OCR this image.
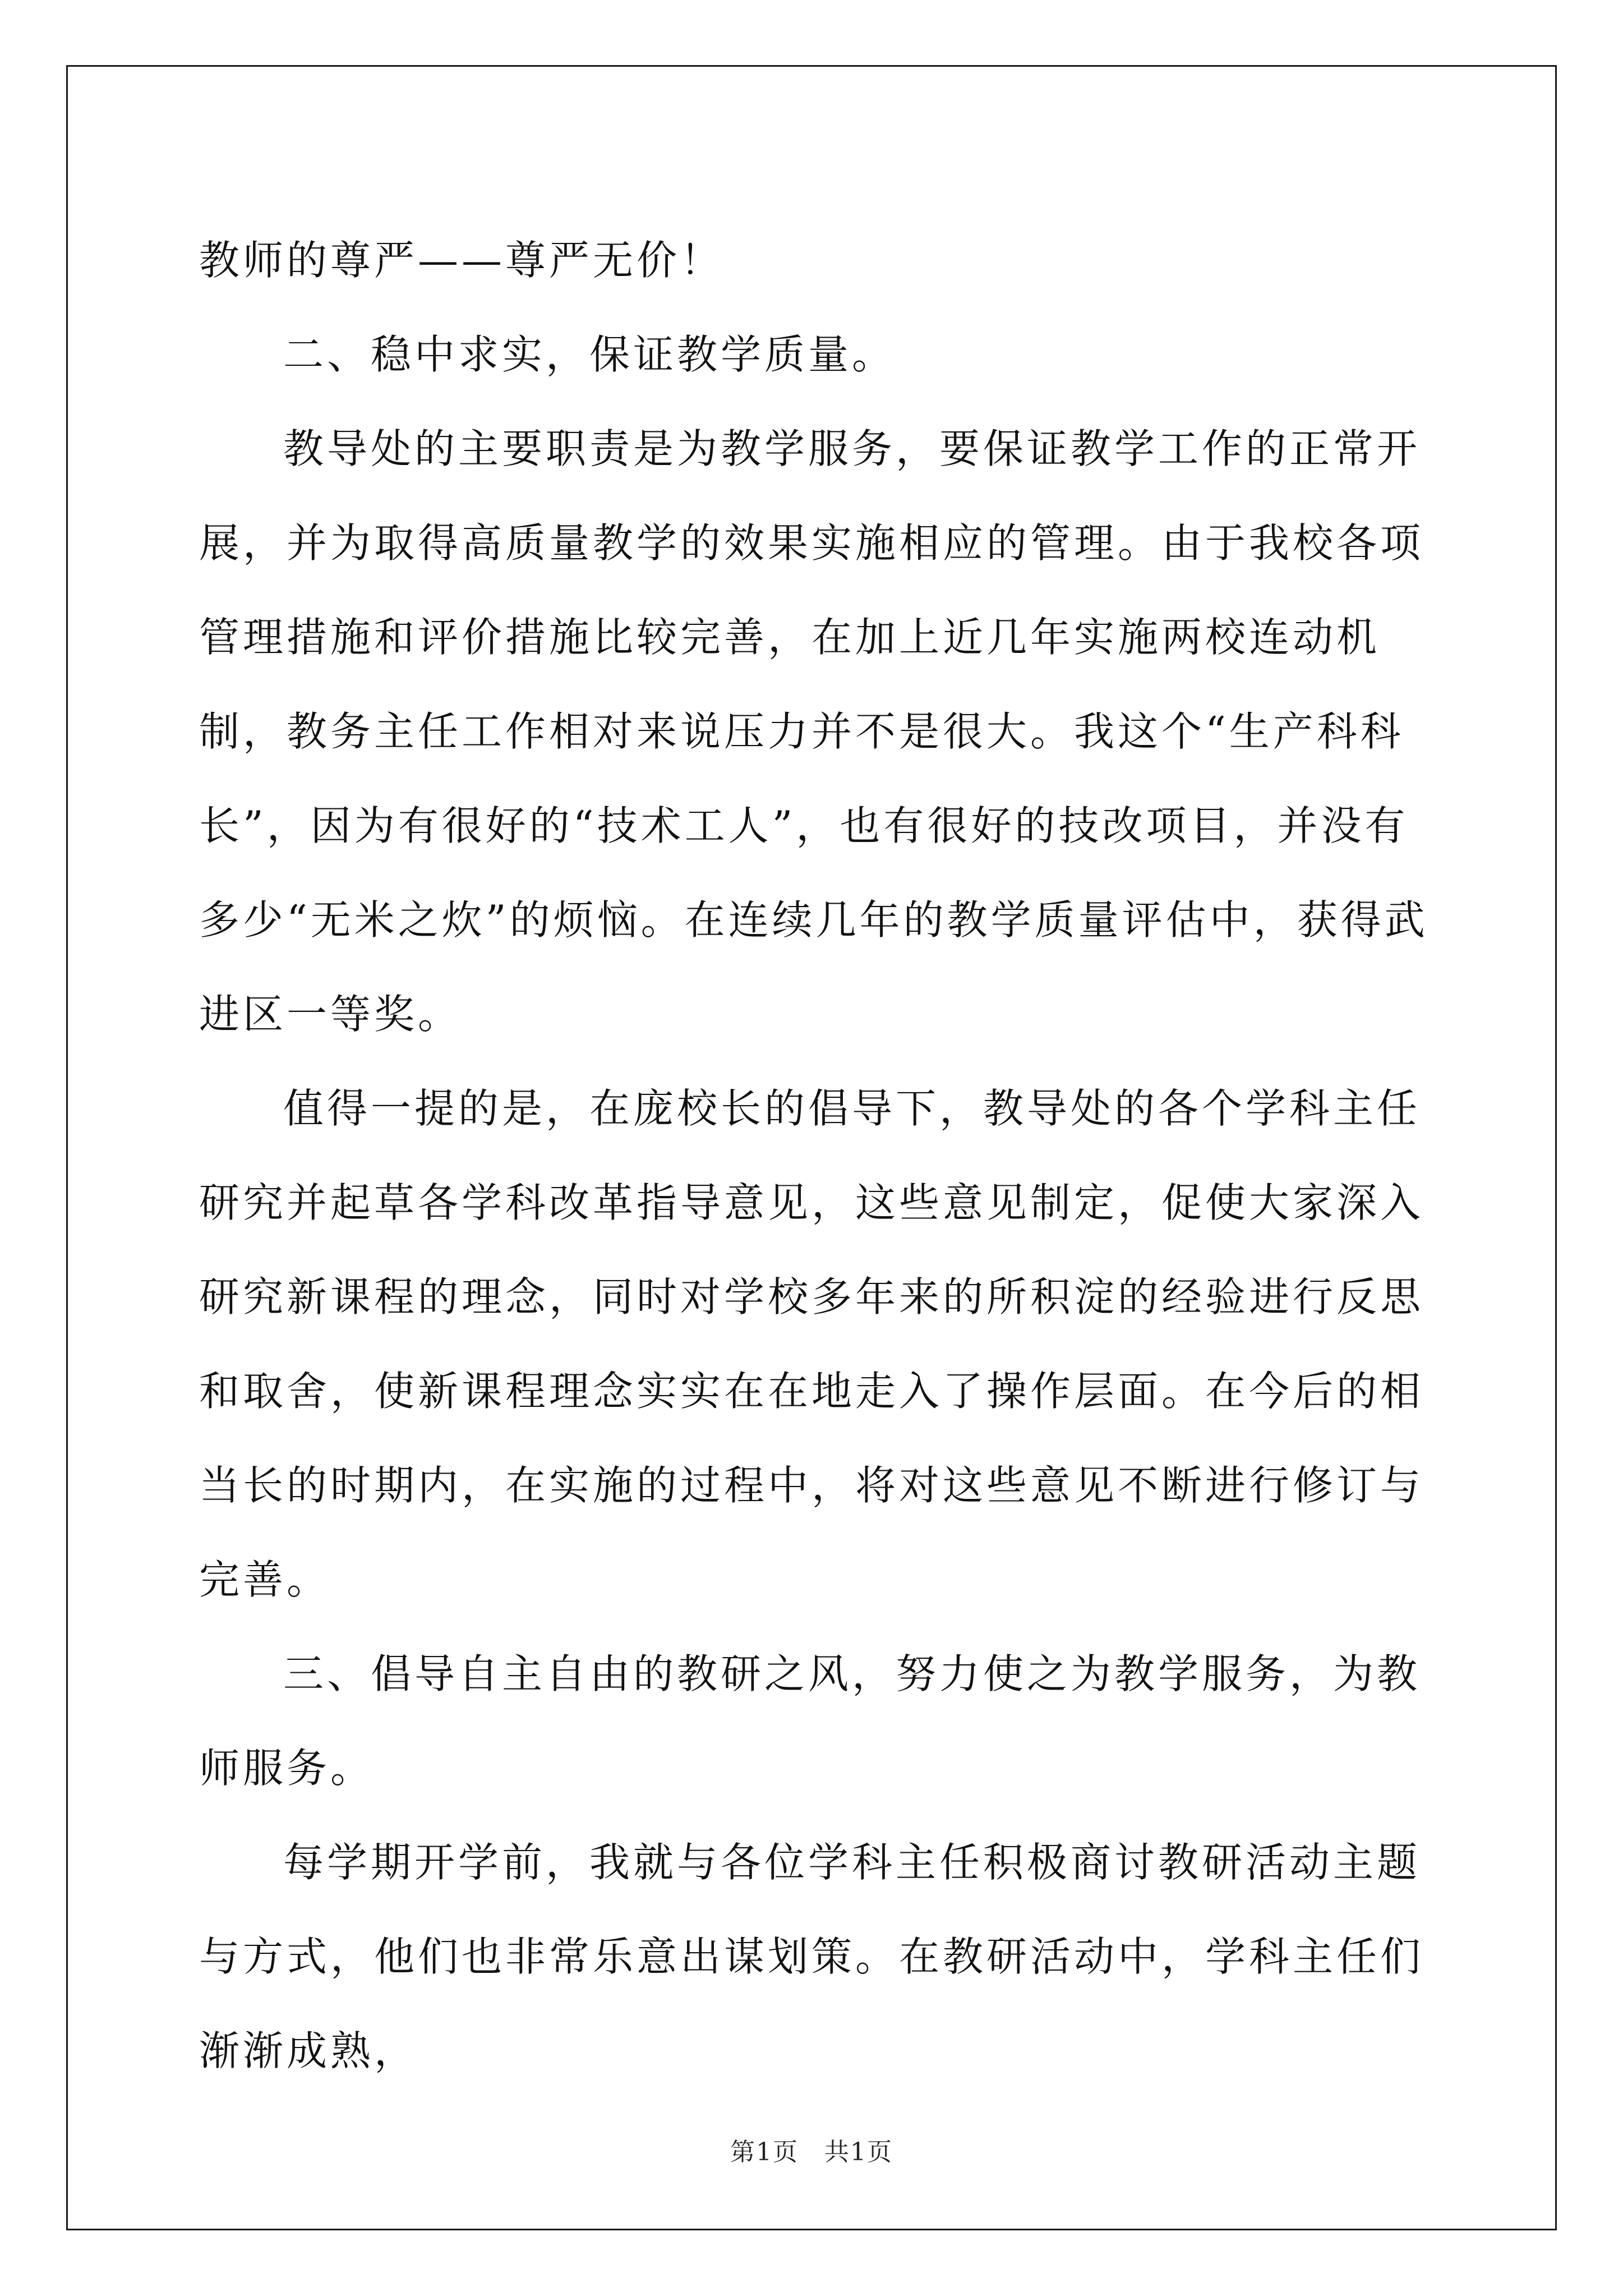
教师的尊严——尊严无价！

二、稳中求实，保证教学质量。

教导处的主要职责是为教学服务，要保证教学工作的正常开展，并为取得高质量教学的效果实施相应的管理。由于我校各项管理措施和评价措施比较完善，在加上近几年实施两校连动机制，教务主任工作相对来说压力并不是很大。我这个“生产科科长”，因为有很好的“技术工人”，也有很好的技改项目，并没有多少“无米之炊”的烦恼。在连续几年的教学质量评估中，获得武进区一等奖。

值得一提的是，在庞校长的倡导下，教导处的各个学科主任研究并起草各学科改革指导意见，这些意见制定，促使大家深入研究新课程的理念，同时对学校多年来的所积淀的经验进行反思和取舍，使新课程理念实实在在地走入了操作层面。在今后的相当长的时期内，在实施的过程中，将对这些意见不断进行修订与完善。

三、倡导自主自由的教研之风，努力使之为教学服务，为教师服务。

每学期开学前，我就与各位学科主任积极商讨教研活动主题与方式，他们也非常乐意出谋划策。在教研活动中，学科主任们渐渐成熟，

第1页　共1页
